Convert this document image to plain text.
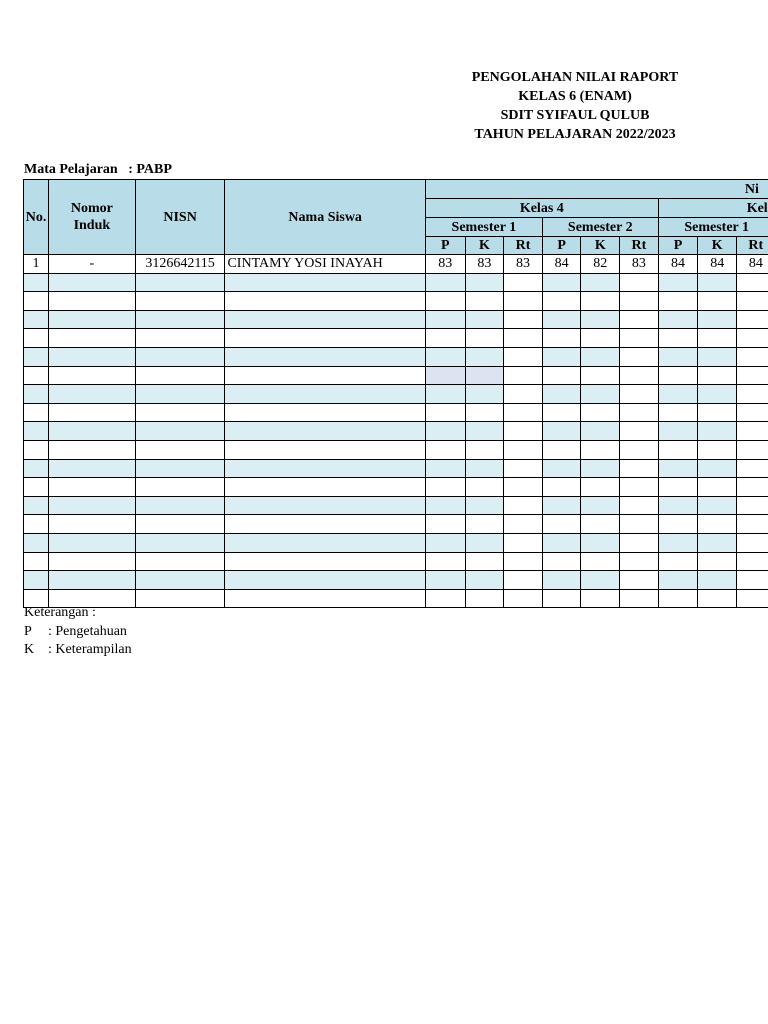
PENGOLAHAN NILAI RAPORT
KELAS 6 (ENAM)
SDIT SYIFAUL QULUB
TAHUN PELAJARAN 2022/2023
Mata Pelajaran   : PABP
No.	Nomor Induk	NISN	Nama Siswa	Ni										
				Kelas 4						Kel				
				Semester 1			Semester 2			Semester 1				
				P	K	Rt	P	K	Rt	P	K	Rt		
1	-	3126642115	CINTAMY YOSI INAYAH	83	83	83	84	82	83	84	84	84		

Keterangan :
P : Pengetahuan
K : Keterampilan
